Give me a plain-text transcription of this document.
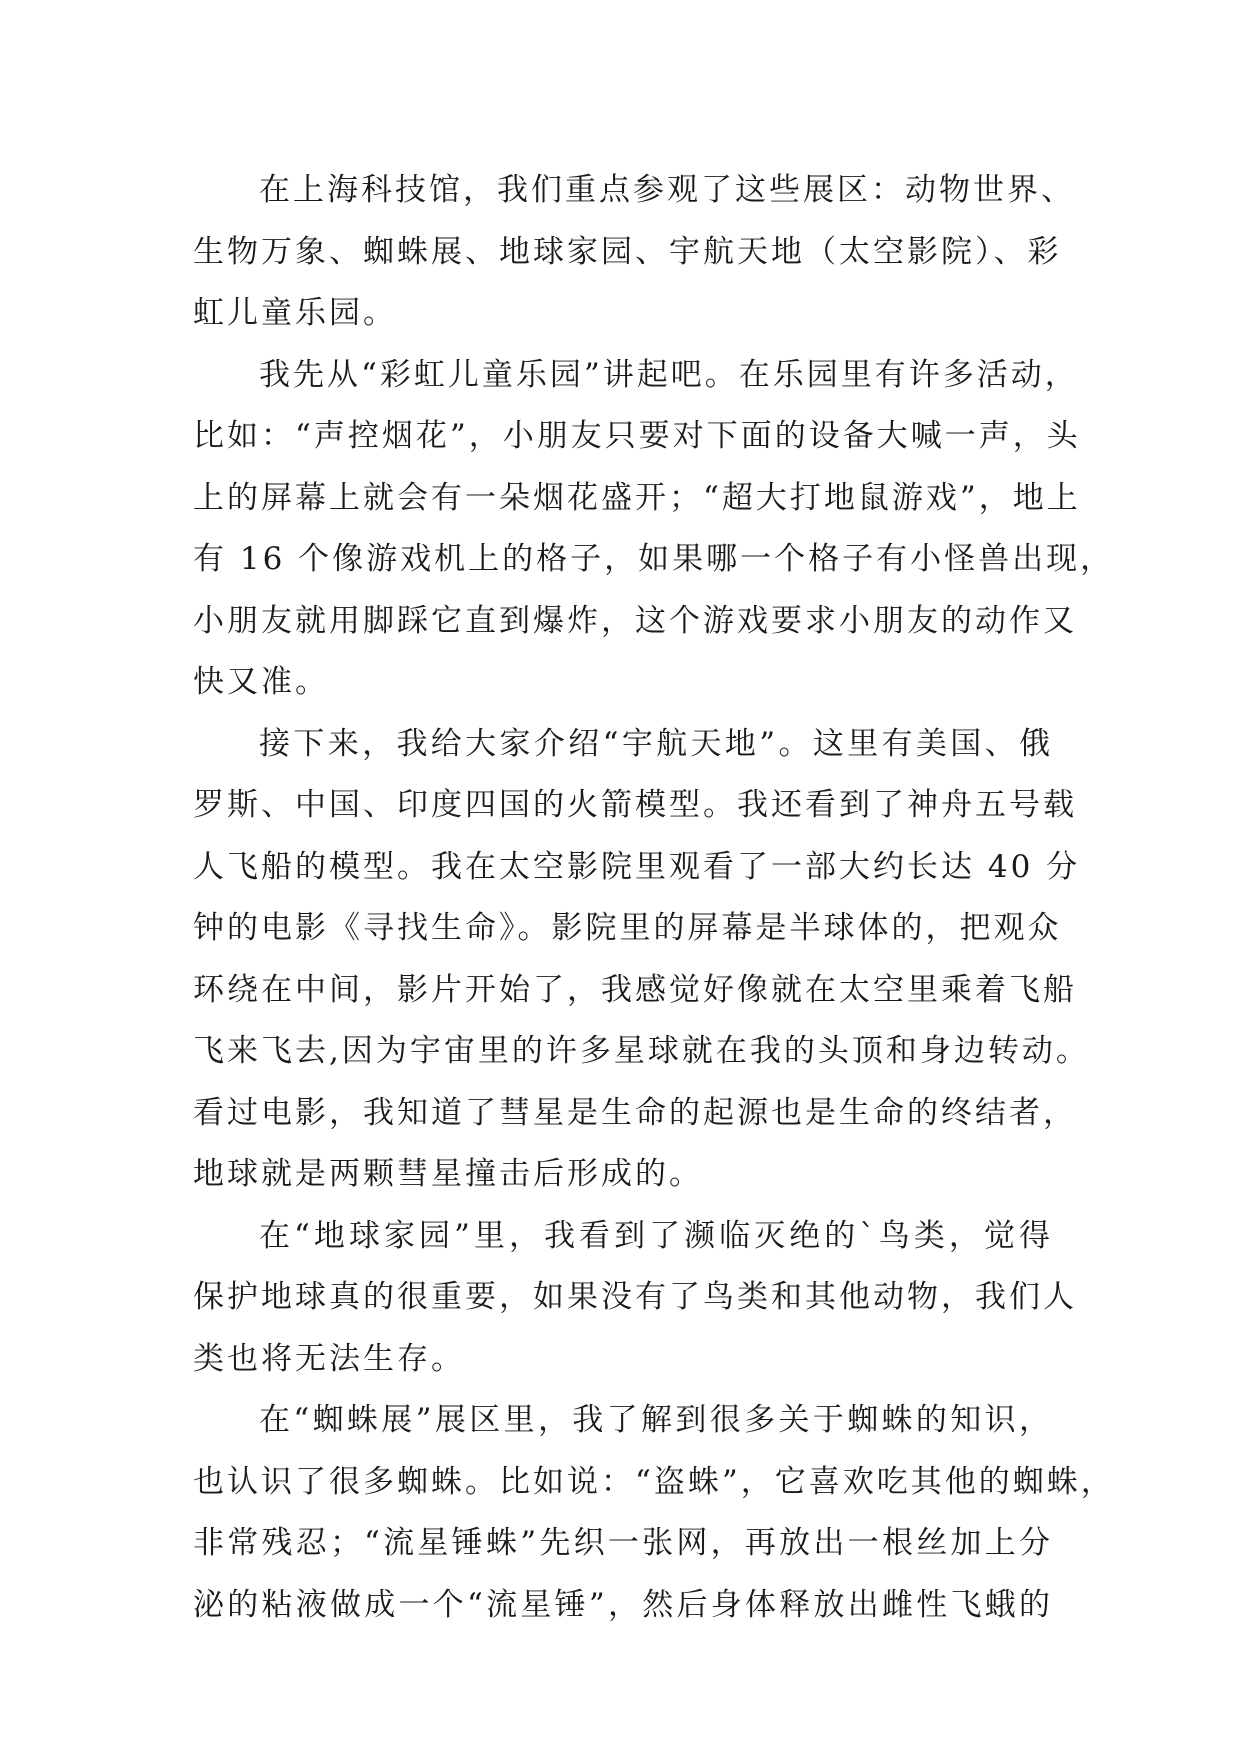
在上海科技馆，我们重点参观了这些展区：动物世界、
生物万象、蜘蛛展、地球家园、宇航天地（太空影院）、彩
虹儿童乐园。
我先从“彩虹儿童乐园”讲起吧。在乐园里有许多活动，
比如：“声控烟花”，小朋友只要对下面的设备大喊一声，头
上的屏幕上就会有一朵烟花盛开；“超大打地鼠游戏”，地上
有 16 个像游戏机上的格子，如果哪一个格子有小怪兽出现，
小朋友就用脚踩它直到爆炸，这个游戏要求小朋友的动作又
快又准。
接下来，我给大家介绍“宇航天地”。这里有美国、俄
罗斯、中国、印度四国的火箭模型。我还看到了神舟五号载
人飞船的模型。我在太空影院里观看了一部大约长达 40 分
钟的电影《寻找生命》。影院里的屏幕是半球体的，把观众
环绕在中间，影片开始了，我感觉好像就在太空里乘着飞船
飞来飞去,因为宇宙里的许多星球就在我的头顶和身边转动。
看过电影，我知道了彗星是生命的起源也是生命的终结者，
地球就是两颗彗星撞击后形成的。
在“地球家园”里，我看到了濒临灭绝的`鸟类，觉得
保护地球真的很重要，如果没有了鸟类和其他动物，我们人
类也将无法生存。
在“蜘蛛展”展区里，我了解到很多关于蜘蛛的知识，
也认识了很多蜘蛛。比如说：“盗蛛”，它喜欢吃其他的蜘蛛，
非常残忍；“流星锤蛛”先织一张网，再放出一根丝加上分
泌的粘液做成一个“流星锤”，然后身体释放出雌性飞蛾的
